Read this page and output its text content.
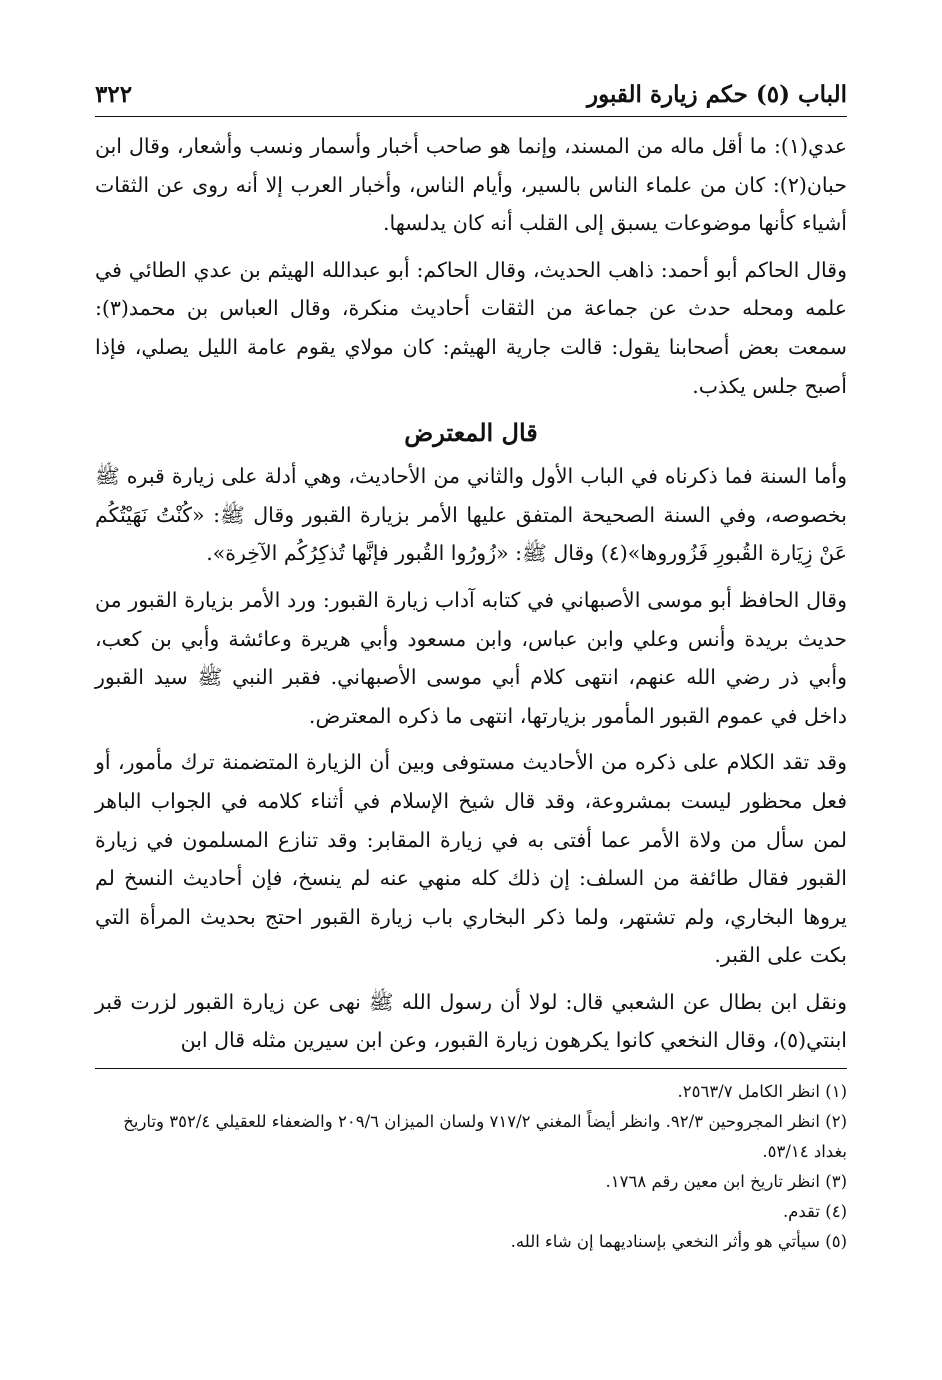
الباب (٥) حكم زيارة القبور
٣٢٢

عدي(١): ما أقل ماله من المسند، وإنما هو صاحب أخبار وأسمار ونسب وأشعار، وقال ابن حبان(٢): كان من علماء الناس بالسير، وأيام الناس، وأخبار العرب إلا أنه روى عن الثقات أشياء كأنها موضوعات يسبق إلى القلب أنه كان يدلسها.

وقال الحاكم أبو أحمد: ذاهب الحديث، وقال الحاكم: أبو عبدالله الهيثم بن عدي الطائي في علمه ومحله حدث عن جماعة من الثقات أحاديث منكرة، وقال العباس بن محمد(٣): سمعت بعض أصحابنا يقول: قالت جارية الهيثم: كان مولاي يقوم عامة الليل يصلي، فإذا أصبح جلس يكذب.

قال المعترض

وأما السنة فما ذكرناه في الباب الأول والثاني من الأحاديث، وهي أدلة على زيارة قبره ﷺ بخصوصه، وفي السنة الصحيحة المتفق عليها الأمر بزيارة القبور وقال ﷺ: «كُنْتُ نَهَيْتُكُم عَنْ زِيَارة القُبورِ فَزُوروها»(٤) وقال ﷺ: «زُورُوا القُبور فإنَّها تُذكِرُكُم الآخِرة».

وقال الحافظ أبو موسى الأصبهاني في كتابه آداب زيارة القبور: ورد الأمر بزيارة القبور من حديث بريدة وأنس وعلي وابن عباس، وابن مسعود وأبي هريرة وعائشة وأبي بن كعب، وأبي ذر رضي الله عنهم، انتهى كلام أبي موسى الأصبهاني. فقبر النبي ﷺ سيد القبور داخل في عموم القبور المأمور بزيارتها، انتهى ما ذكره المعترض.

وقد تقد الكلام على ذكره من الأحاديث مستوفى وبين أن الزيارة المتضمنة ترك مأمور، أو فعل محظور ليست بمشروعة، وقد قال شيخ الإسلام في أثناء كلامه في الجواب الباهر لمن سأل من ولاة الأمر عما أفتى به في زيارة المقابر: وقد تنازع المسلمون في زيارة القبور فقال طائفة من السلف: إن ذلك كله منهي عنه لم ينسخ، فإن أحاديث النسخ لم يروها البخاري، ولم تشتهر، ولما ذكر البخاري باب زيارة القبور احتج بحديث المرأة التي بكت على القبر.

ونقل ابن بطال عن الشعبي قال: لولا أن رسول الله ﷺ نهى عن زيارة القبور لزرت قبر ابنتي(٥)، وقال النخعي كانوا يكرهون زيارة القبور، وعن ابن سيرين مثله قال ابن

(١) انظر الكامل ٢٥٦٣/٧.

(٢) انظر المجروحين ٩٢/٣. وانظر أيضاً المغني ٧١٧/٢ ولسان الميزان ٢٠٩/٦ والضعفاء للعقيلي ٣٥٢/٤ وتاريخ بغداد ٥٣/١٤.

(٣) انظر تاريخ ابن معين رقم ١٧٦٨.

(٤) تقدم.

(٥) سيأتي هو وأثر النخعي بإسناديهما إن شاء الله.
